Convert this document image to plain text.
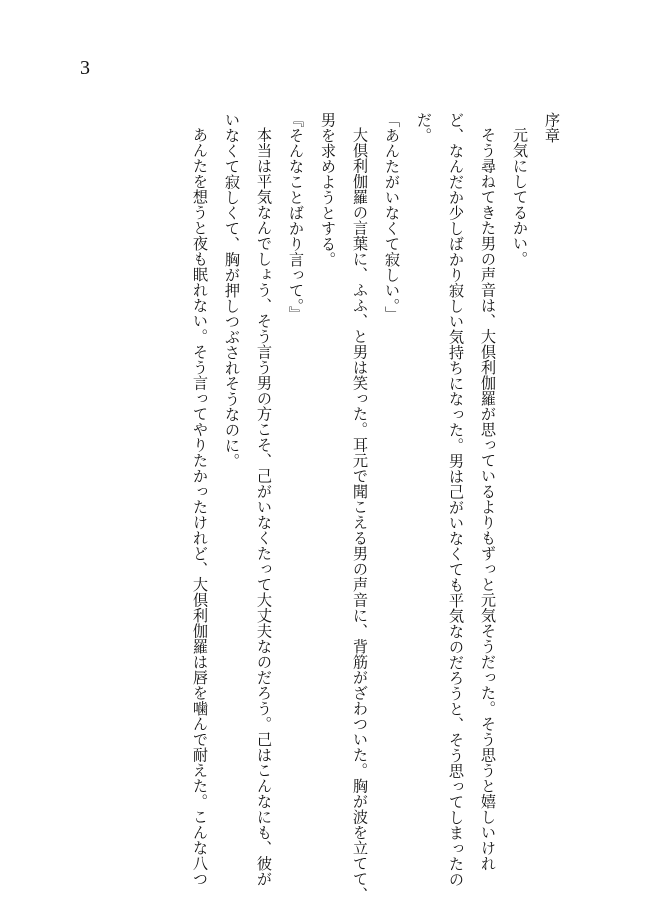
3
序章
元気にしてるかい。
そう尋ねてきた男の声音は、大倶利伽羅が思っているよりもずっと元気そうだった。そう思うと嬉しいけれ
ど、なんだか少しばかり寂しい気持ちになった。男は己がいなくても平気なのだろうと、そう思ってしまったの
だ。
「あんたがいなくて寂しい。」
大倶利伽羅の言葉に、ふふ、と男は笑った。耳元で聞こえる男の声音に、背筋がざわついた。胸が波を立てて、
男を求めようとする。
『そんなことばかり言って。』
本当は平気なんでしょう、そう言う男の方こそ、己がいなくたって大丈夫なのだろう。己はこんなにも、彼が
いなくて寂しくて、胸が押しつぶされそうなのに。
あんたを想うと夜も眠れない。そう言ってやりたかったけれど、大倶利伽羅は唇を噛んで耐えた。こんな八つ
